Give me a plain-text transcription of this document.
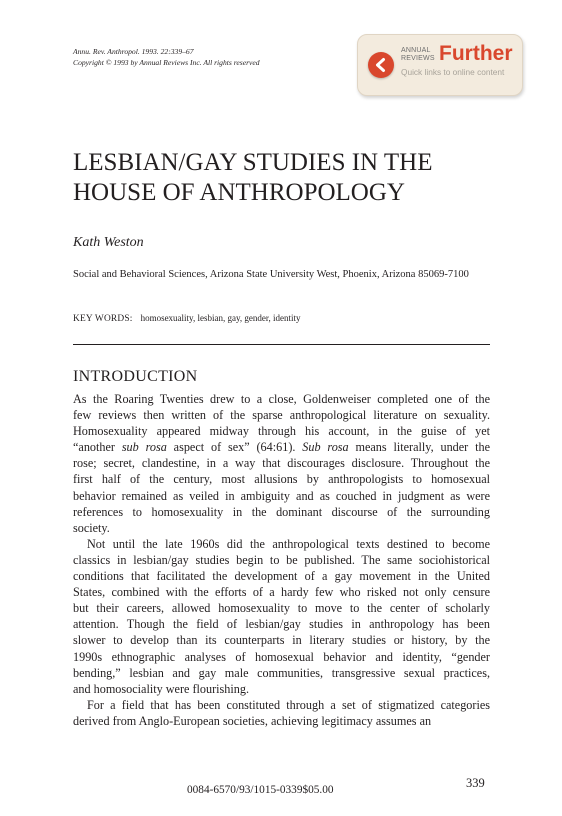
Annu. Rev. Anthropol. 1993. 22:339–67
Copyright © 1993 by Annual Reviews Inc. All rights reserved
ANNUAL
REVIEWS Further
Quick links to online content
LESBIAN/GAY STUDIES IN THE
HOUSE OF ANTHROPOLOGY
Kath Weston
Social and Behavioral Sciences, Arizona State University West, Phoenix, Arizona 85069-7100
KEY WORDS: homosexuality, lesbian, gay, gender, identity
INTRODUCTION
As the Roaring Twenties drew to a close, Goldenweiser completed one of the
few reviews then written of the sparse anthropological literature on sexuality.
Homosexuality appeared midway through his account, in the guise of yet
“another sub rosa aspect of sex” (64:61). Sub rosa means literally, under the
rose; secret, clandestine, in a way that discourages disclosure. Throughout the
first half of the century, most allusions by anthropologists to homosexual
behavior remained as veiled in ambiguity and as couched in judgment as were
references to homosexuality in the dominant discourse of the surrounding
society.
Not until the late 1960s did the anthropological texts destined to become
classics in lesbian/gay studies begin to be published. The same sociohistorical
conditions that facilitated the development of a gay movement in the United
States, combined with the efforts of a hardy few who risked not only censure
but their careers, allowed homosexuality to move to the center of scholarly
attention. Though the field of lesbian/gay studies in anthropology has been
slower to develop than its counterparts in literary studies or history, by the
1990s ethnographic analyses of homosexual behavior and identity, “gender
bending,” lesbian and gay male communities, transgressive sexual practices,
and homosociality were flourishing.
For a field that has been constituted through a set of stigmatized categories
derived from Anglo-European societies, achieving legitimacy assumes an
0084-6570/93/1015-0339$05.00	339
